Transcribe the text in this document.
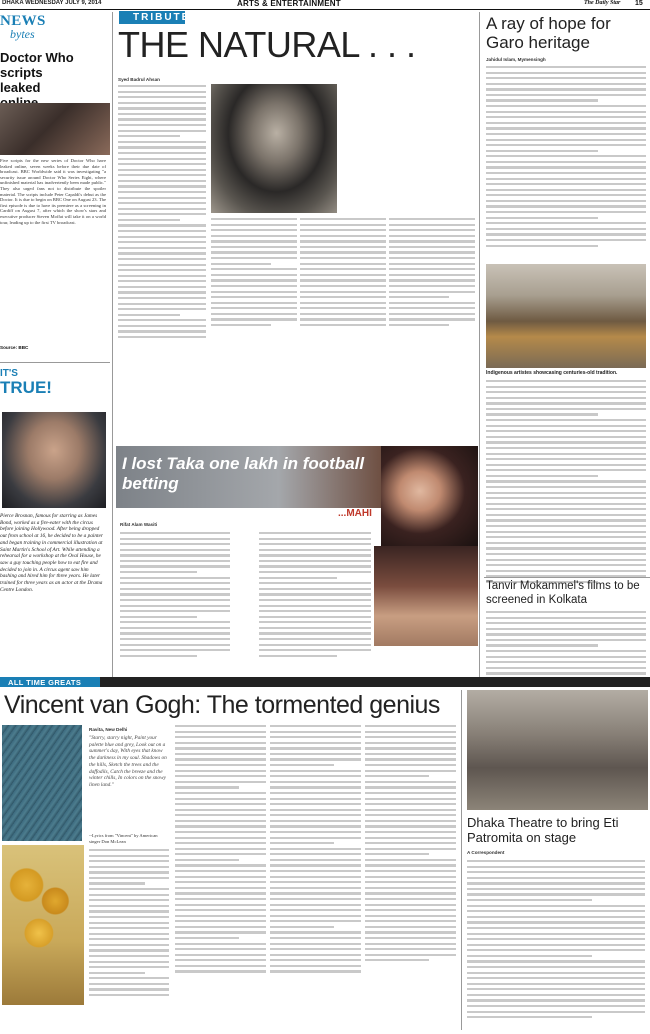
DHAKA WEDNESDAY JULY 9, 2014	ARTS & ENTERTAINMENT	The Daily Star 15
NEWS
bytes
Doctor Who scripts leaked
Five scripts for the new series of Doctor Who have leaked online, seven weeks before their due date of broadcast. BBC Worldwide said it was investigating "a security issue around Doctor Who Series Eight, where unfinished material has inadvertently been made public." They also urged fans not to distribute the spoiler material. The scripts include Peter Capaldi's debut as the Doctor. It is due to begin on BBC One on August 23. The first episode is due to have its premiere as a screening in Cardiff on August 7, after which the show's stars and executive producer Steven Moffat will take it on a world tour, leading up to the first TV broadcast.
Source: BBC
IT'S
TRUE!
Pierce Brosnan, famous for starring as James Bond, worked as a fire-eater with the circus before joining Hollywood. After being dropped out from school at 16, he decided to be a painter and began training in commercial illustration at Saint Martin's School of Art. While attending a rehearsal for a workshop at the Oval House, he saw a guy touching people how to eat fire and decided to join in. A circus agent saw him bashing and hired him for three years. He later trained for three years as an actor at the Drama Centre London.
TRIBUTE
THE NATURAL . . .
Syed Badrul Ahsan
A ray of hope for Garo heritage
Jahidul Islam, Mymensingh
Indigenous artistes showcasing centuries-old tradition.
Tanvir Mokammel's films to be screened in Kolkata
I lost Taka one lakh in football betting
...MAHI
Rifat Alam Wasiti
ALL TIME GREATS
Vincent van Gogh: The tormented genius
Ravita, New Delhi
"Starry, starry night, Paint your palette blue and grey, Look out on a summer's day, With eyes that know the darkness in my soul. Shadows on the hills, Sketch the trees and the daffodils, Catch the breeze and the winter chills, In colors on the snowy linen land."
--Lyrics from "Vincent" by American singer Don McLean
Dhaka Theatre to bring Eti Patromita on stage
A Correspondent
